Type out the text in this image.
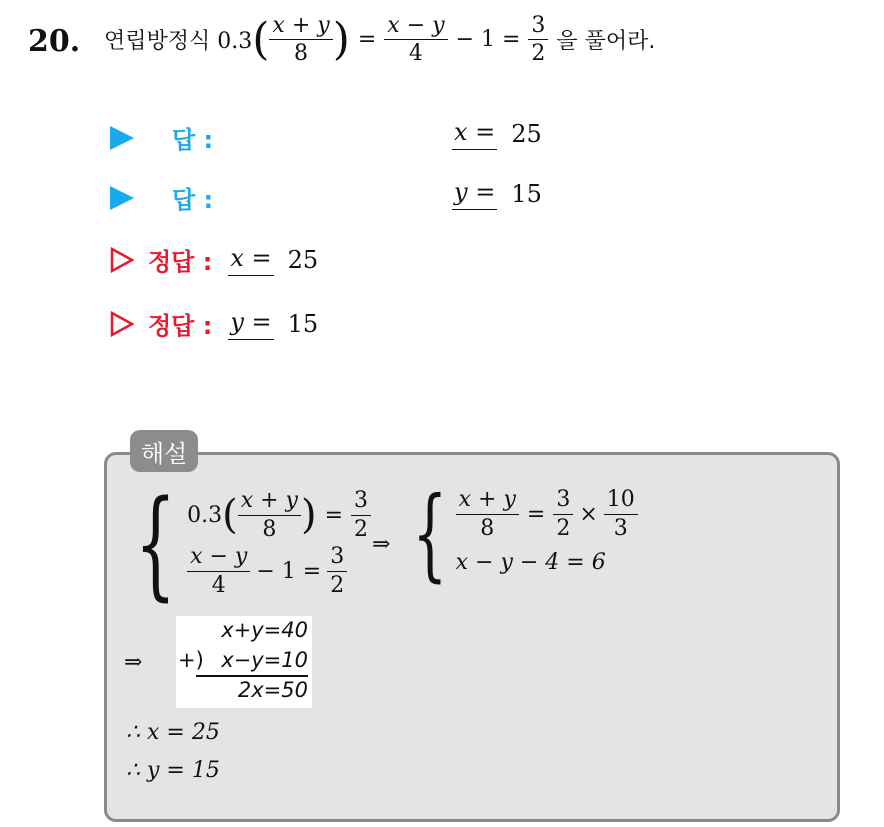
20. 연립방정식 0.3 ( $\frac{x + y}{8}$ ) = $\frac{x - y}{4} - 1 = \frac{3}{2}$ 을 풀어라.
답 :	x = 25
답 :	y = 15
정답 : x = 25
정답 : y = 15
해설
{ 0.3 ( $\frac{x + y}{8}$ ) = $\frac{3}{2}$
$\frac{x - y}{4} - 1 = \frac{3}{2}$
⇒ { $\frac{x + y}{8} = \frac{3}{2} \times \frac{10}{3}$
x − y − 4 = 6
⇒
x+y=40
+) x−y=10
2x=50
∴ x = 25
∴ y = 15
